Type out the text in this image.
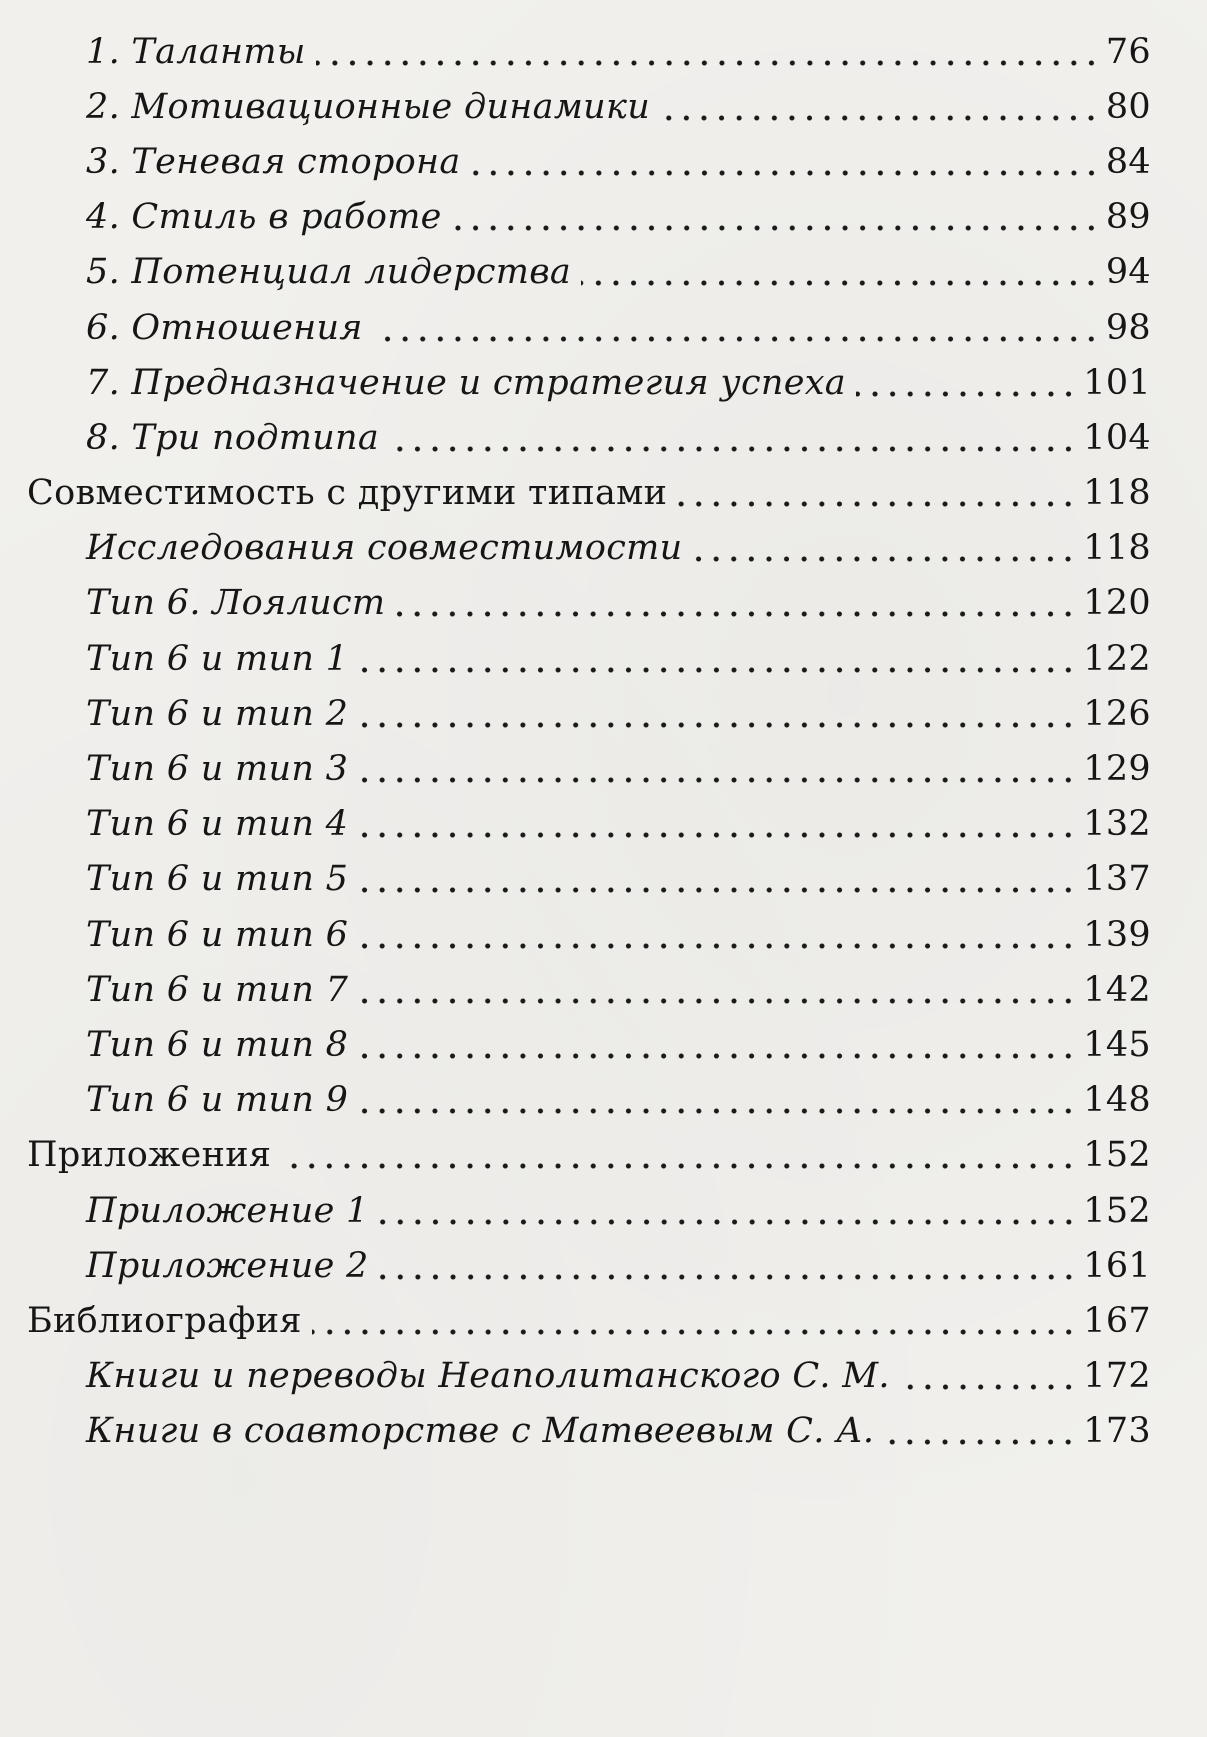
1. Таланты	76
2. Мотивационные динамики	80
3. Теневая сторона	84
4. Стиль в работе	89
5. Потенциал лидерства	94
6. Отношения	98
7. Предназначение и стратегия успеха	101
8. Три подтипа	104
Совместимость с другими типами	118
Исследования совместимости	118
Тип 6. Лоялист	120
Тип 6 и тип 1	122
Тип 6 и тип 2	126
Тип 6 и тип 3	129
Тип 6 и тип 4	132
Тип 6 и тип 5	137
Тип 6 и тип 6	139
Тип 6 и тип 7	142
Тип 6 и тип 8	145
Тип 6 и тип 9	148
Приложения	152
Приложение 1	152
Приложение 2	161
Библиография	167
Книги и переводы Неаполитанского С. М.	172
Книги в соавторстве с Матвеевым С. А.	173
